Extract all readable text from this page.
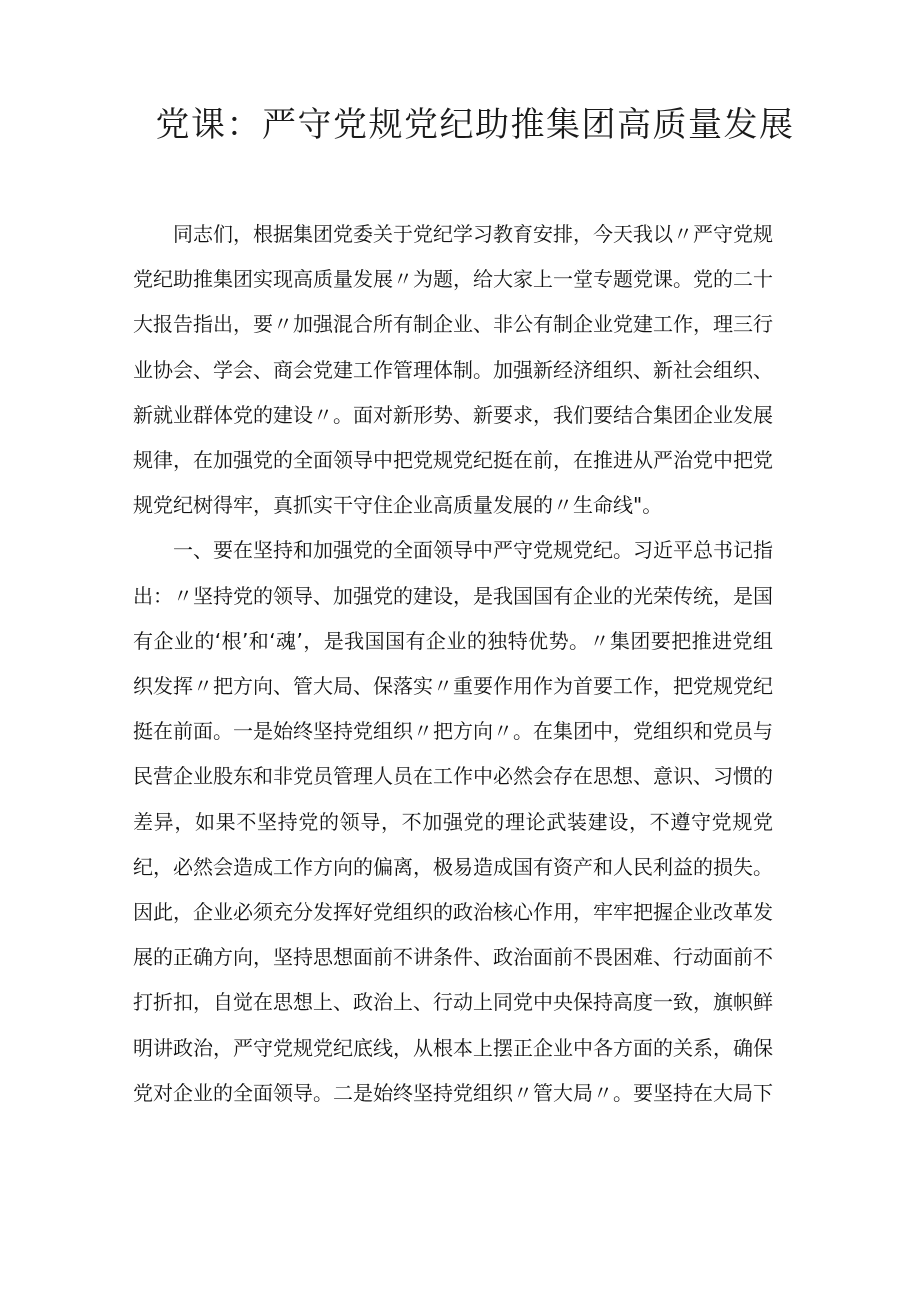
党课：严守党规党纪助推集团高质量发展

同志们，根据集团党委关于党纪学习教育安排，今天我以〃严守党规党纪助推集团实现高质量发展〃为题，给大家上一堂专题党课。党的二十大报告指出，要〃加强混合所有制企业、非公有制企业党建工作，理三行业协会、学会、商会党建工作管理体制。加强新经济组织、新社会组织、新就业群体党的建设〃。面对新形势、新要求，我们要结合集团企业发展规律，在加强党的全面领导中把党规党纪挺在前，在推进从严治党中把党规党纪树得牢，真抓实干守住企业高质量发展的〃生命线"。

一、要在坚持和加强党的全面领导中严守党规党纪。习近平总书记指出：〃坚持党的领导、加强党的建设，是我国国有企业的光荣传统，是国有企业的‘根’和‘魂’，是我国国有企业的独特优势。〃集团要把推进党组织发挥〃把方向、管大局、保落实〃重要作用作为首要工作，把党规党纪挺在前面。一是始终坚持党组织〃把方向〃。在集团中，党组织和党员与民营企业股东和非党员管理人员在工作中必然会存在思想、意识、习惯的差异，如果不坚持党的领导，不加强党的理论武装建设，不遵守党规党纪，必然会造成工作方向的偏离，极易造成国有资产和人民利益的损失。因此，企业必须充分发挥好党组织的政治核心作用，牢牢把握企业改革发展的正确方向，坚持思想面前不讲条件、政治面前不畏困难、行动面前不打折扣，自觉在思想上、政治上、行动上同党中央保持高度一致，旗帜鲜明讲政治，严守党规党纪底线，从根本上摆正企业中各方面的关系，确保党对企业的全面领导。二是始终坚持党组织〃管大局〃。要坚持在大局下
